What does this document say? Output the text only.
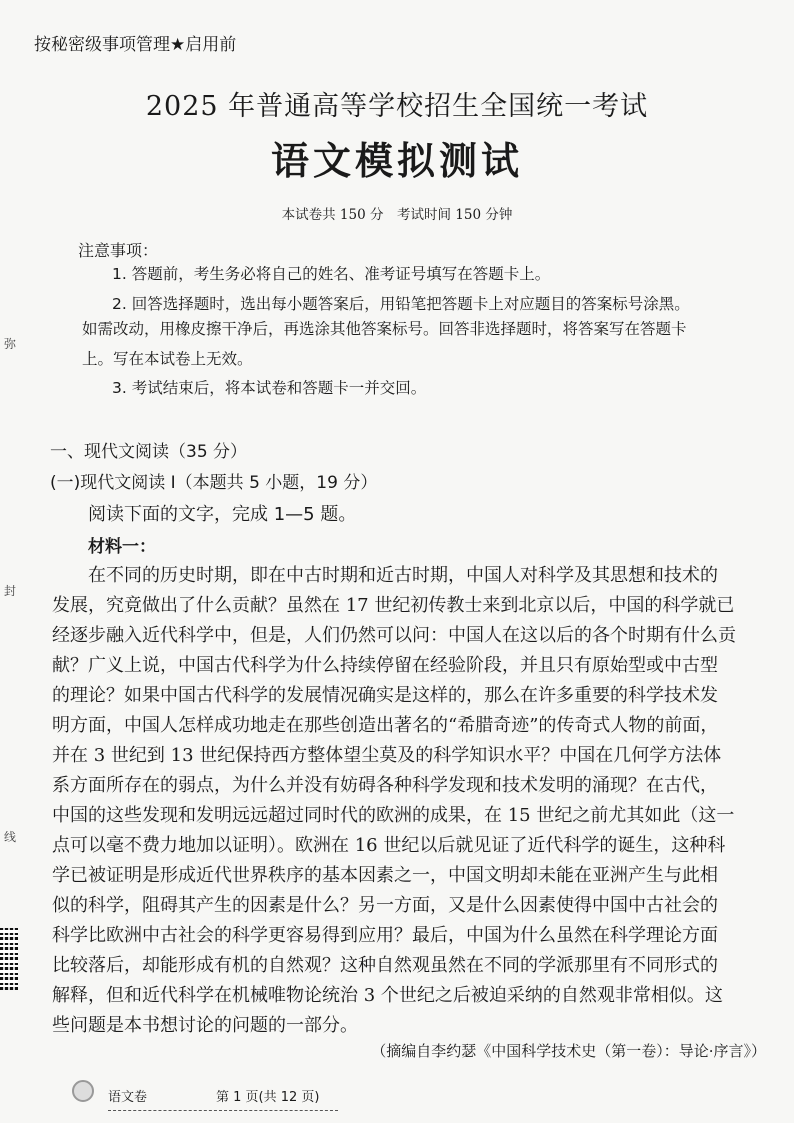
按秘密级事项管理★启用前
2025 年普通高等学校招生全国统一考试
语文模拟测试
本试卷共 150 分　考试时间 150 分钟
注意事项：
1. 答题前，考生务必将自己的姓名、准考证号填写在答题卡上。
2. 回答选择题时，选出每小题答案后，用铅笔把答题卡上对应题目的答案标号涂黑。
如需改动，用橡皮擦干净后，再选涂其他答案标号。回答非选择题时，将答案写在答题卡
上。写在本试卷上无效。
3. 考试结束后，将本试卷和答题卡一并交回。
一、现代文阅读（35 分）
(一)现代文阅读 Ⅰ（本题共 5 小题，19 分）
阅读下面的文字，完成 1—5 题。
材料一：
　　在不同的历史时期，即在中古时期和近古时期，中国人对科学及其思想和技术的
发展，究竟做出了什么贡献？虽然在 17 世纪初传教士来到北京以后，中国的科学就已
经逐步融入近代科学中，但是，人们仍然可以问：中国人在这以后的各个时期有什么贡
献？广义上说，中国古代科学为什么持续停留在经验阶段，并且只有原始型或中古型
的理论？如果中国古代科学的发展情况确实是这样的，那么在许多重要的科学技术发
明方面，中国人怎样成功地走在那些创造出著名的“希腊奇迹”的传奇式人物的前面，
并在 3 世纪到 13 世纪保持西方整体望尘莫及的科学知识水平？中国在几何学方法体
系方面所存在的弱点，为什么并没有妨碍各种科学发现和技术发明的涌现？在古代，
中国的这些发现和发明远远超过同时代的欧洲的成果，在 15 世纪之前尤其如此（这一
点可以毫不费力地加以证明）。欧洲在 16 世纪以后就见证了近代科学的诞生，这种科
学已被证明是形成近代世界秩序的基本因素之一，中国文明却未能在亚洲产生与此相
似的科学，阻碍其产生的因素是什么？另一方面，又是什么因素使得中国中古社会的
科学比欧洲中古社会的科学更容易得到应用？最后，中国为什么虽然在科学理论方面
比较落后，却能形成有机的自然观？这种自然观虽然在不同的学派那里有不同形式的
解释，但和近代科学在机械唯物论统治 3 个世纪之后被迫采纳的自然观非常相似。这
些问题是本书想讨论的问题的一部分。
（摘编自李约瑟《中国科学技术史（第一卷）：导论·序言》）
弥
封
线
语文卷	第 1 页(共 12 页)
